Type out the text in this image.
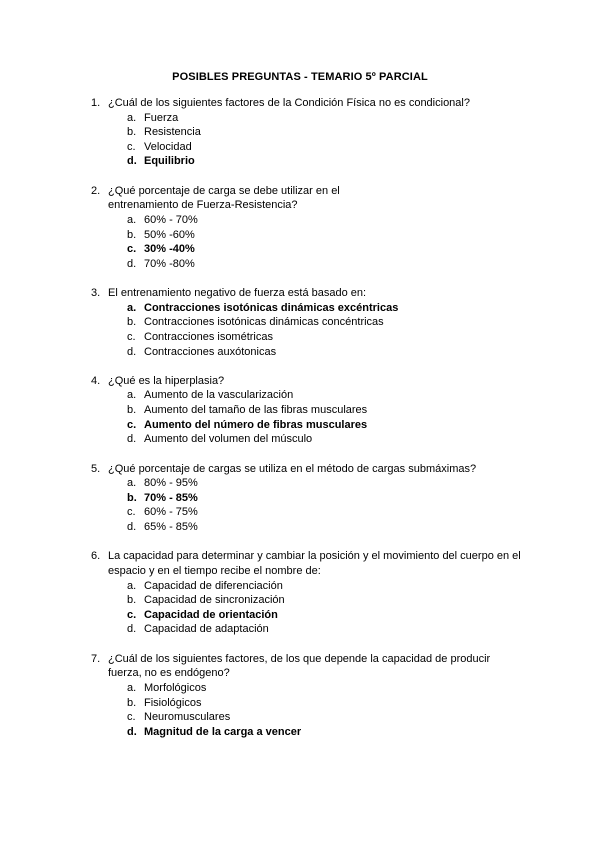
POSIBLES PREGUNTAS - TEMARIO 5º PARCIAL
1. ¿Cuál de los siguientes factores de la Condición Física no es condicional?
a. Fuerza
b. Resistencia
c. Velocidad
d. Equilibrio
2. ¿Qué porcentaje de carga se debe utilizar en el entrenamiento de Fuerza-Resistencia?
a. 60% - 70%
b. 50% -60%
c. 30% -40%
d. 70% -80%
3. El entrenamiento negativo de fuerza está basado en:
a. Contracciones isotónicas dinámicas excéntricas
b. Contracciones isotónicas dinámicas concéntricas
c. Contracciones isométricas
d. Contracciones auxótonicas
4. ¿Qué es la hiperplasia?
a. Aumento de la vascularización
b. Aumento del tamaño de las fibras musculares
c. Aumento del número de fibras musculares
d. Aumento del volumen del músculo
5. ¿Qué porcentaje de cargas se utiliza en el método de cargas submáximas?
a. 80% - 95%
b. 70% - 85%
c. 60% - 75%
d. 65% - 85%
6. La capacidad para determinar y cambiar la posición y el movimiento del cuerpo en el espacio y en el tiempo recibe el nombre de:
a. Capacidad de diferenciación
b. Capacidad de sincronización
c. Capacidad de orientación
d. Capacidad de adaptación
7. ¿Cuál de los siguientes factores, de los que depende la capacidad de producir fuerza, no es endógeno?
a. Morfológicos
b. Fisiológicos
c. Neuromusculares
d. Magnitud de la carga a vencer
